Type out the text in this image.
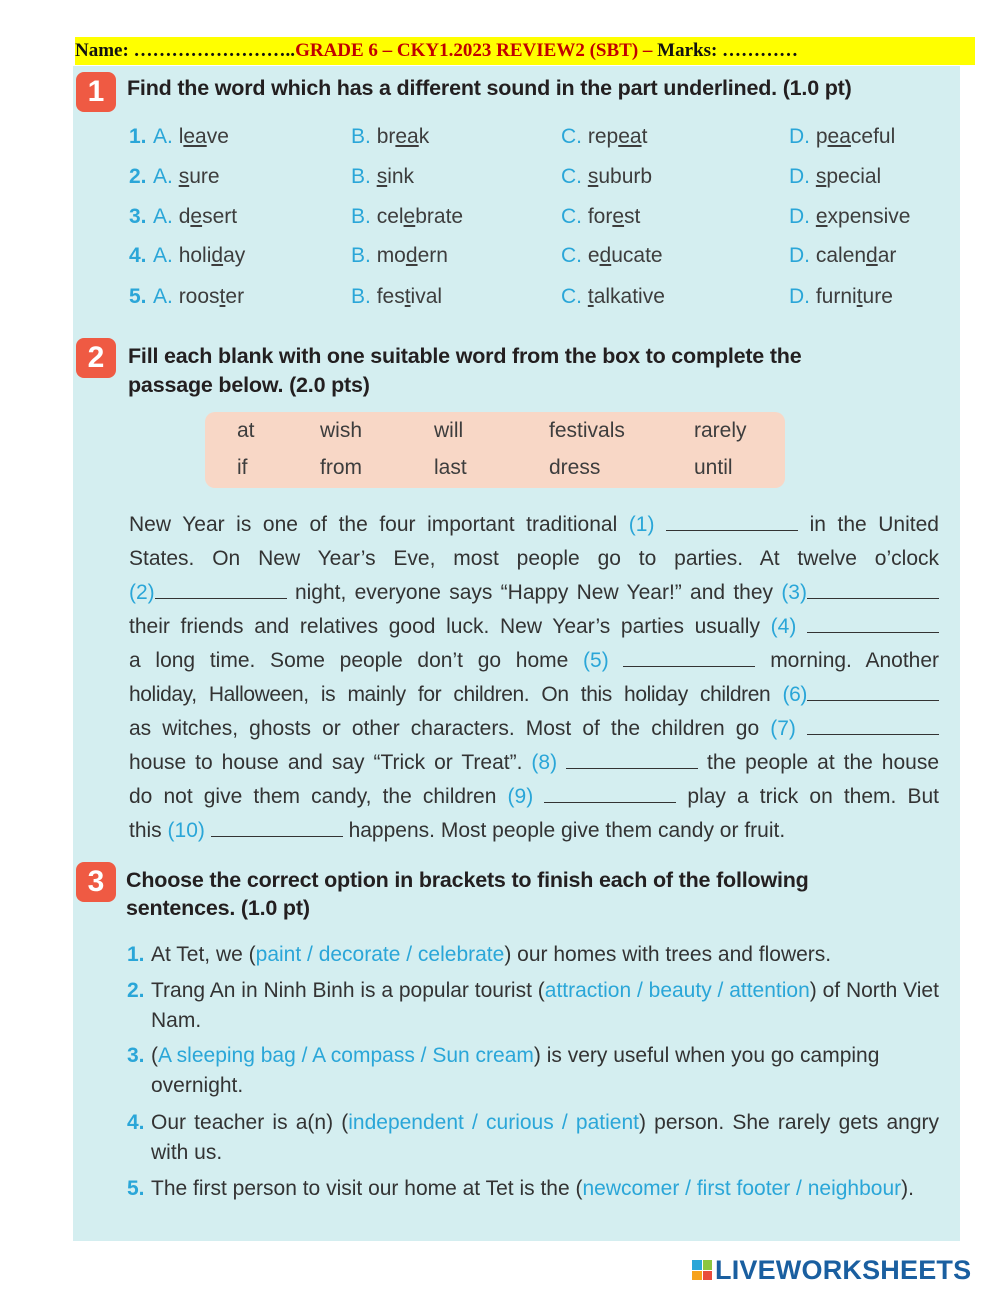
Name: ……………………..GRADE 6 – CKY1.2023 REVIEW2 (SBT) – Marks: …………
1	Find the word which has a different sound in the part underlined. (1.0 pt)
1. A. leave	B. break	C. repeat	D. peaceful
2. A. sure	B. sink	C. suburb	D. special
3. A. desert	B. celebrate	C. forest	D. expensive
4. A. holiday	B. modern	C. educate	D. calendar
5. A. rooster	B. festival	C. talkative	D. furniture
2	Fill each blank with one suitable word from the box to complete the
passage below. (2.0 pts)
at	wish	will	festivals	rarely
if	from	last	dress	until
New Year is one of the four important traditional (1)	in the United
States. On New Year’s Eve, most people go to parties. At twelve o’clock
(2)	night, everyone says “Happy New Year!” and they (3)
their friends and relatives good luck. New Year’s parties usually (4)
a long time. Some people don’t go home (5)	morning. Another
holiday, Halloween, is mainly for children. On this holiday children (6)
as witches, ghosts or other characters. Most of the children go (7)
house to house and say “Trick or Treat”. (8)	the people at the house
do not give them candy, the children (9)	play a trick on them. But
this (10)	happens. Most people give them candy or fruit.
3	Choose the correct option in brackets to finish each of the following
sentences. (1.0 pt)
1. At Tet, we (paint / decorate / celebrate) our homes with trees and flowers.
2. Trang An in Ninh Binh is a popular tourist (attraction / beauty / attention) of North Viet Nam.
3. (A sleeping bag / A compass / Sun cream) is very useful when you go camping overnight.
4. Our teacher is a(n) (independent / curious / patient) person. She rarely gets angry with us.
5. The first person to visit our home at Tet is the (newcomer / first footer / neighbour).
LIVEWORKSHEETS
